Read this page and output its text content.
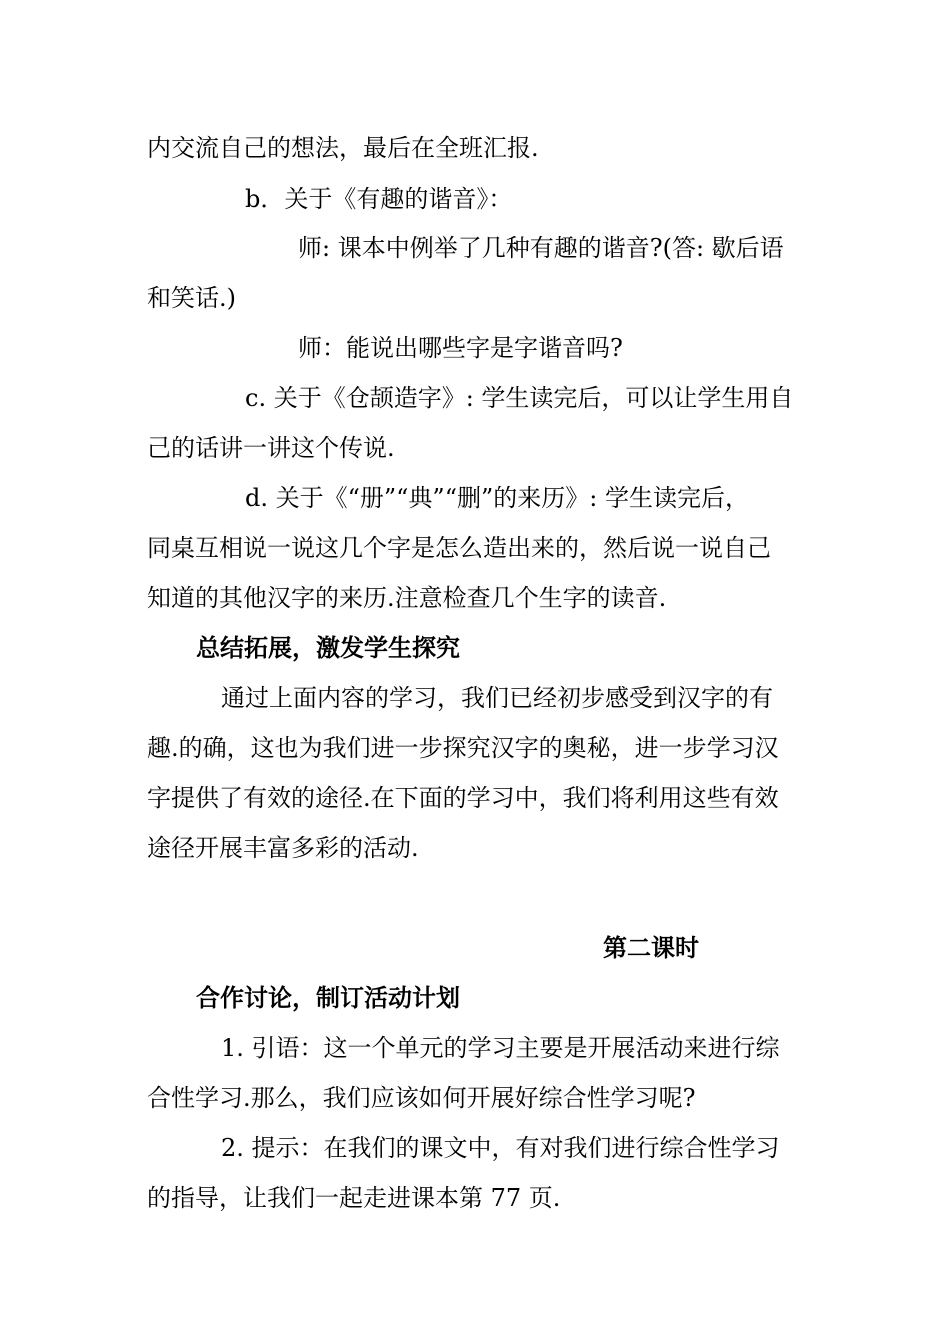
内交流自己的想法，最后在全班汇报.
b．关于《有趣的谐音》：
师: 课本中例举了几种有趣的谐音?(答: 歇后语
和笑话.)
师：能说出哪些字是字谐音吗?
c. 关于《仓颉造字》: 学生读完后，可以让学生用自
己的话讲一讲这个传说.
d. 关于《“册”“典”“删”的来历》: 学生读完后，
同桌互相说一说这几个字是怎么造出来的，然后说一说自己
知道的其他汉字的来历.注意检查几个生字的读音.
总结拓展，激发学生探究
通过上面内容的学习，我们已经初步感受到汉字的有
趣.的确，这也为我们进一步探究汉字的奥秘，进一步学习汉
字提供了有效的途径.在下面的学习中，我们将利用这些有效
途径开展丰富多彩的活动.
第二课时
合作讨论，制订活动计划
1. 引语：这一个单元的学习主要是开展活动来进行综
合性学习.那么，我们应该如何开展好综合性学习呢?
2. 提示：在我们的课文中，有对我们进行综合性学习
的指导，让我们一起走进课本第 77 页.
